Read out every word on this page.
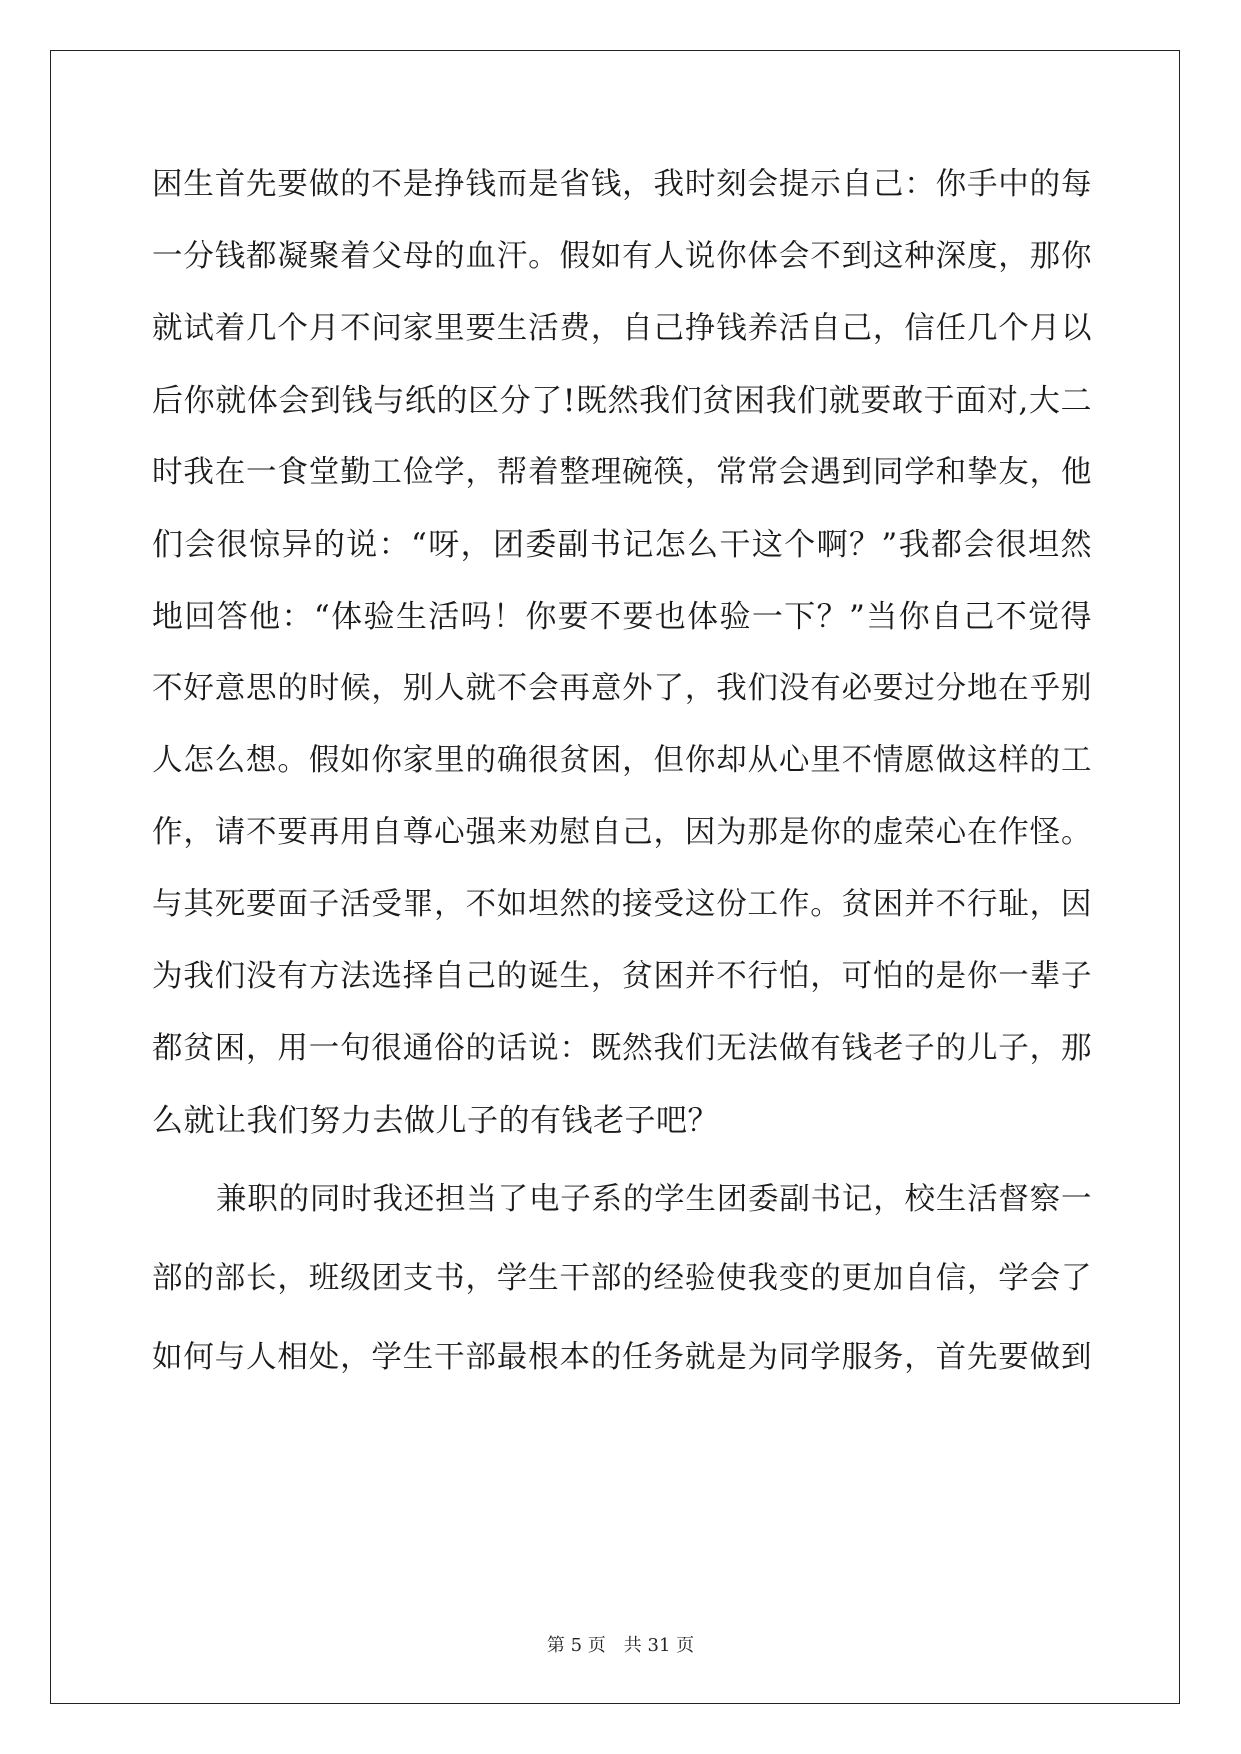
困生首先要做的不是挣钱而是省钱，我时刻会提示自己：你手中的每
一分钱都凝聚着父母的血汗。假如有人说你体会不到这种深度，那你
就试着几个月不问家里要生活费，自己挣钱养活自己，信任几个月以
后你就体会到钱与纸的区分了!既然我们贫困我们就要敢于面对,大二
时我在一食堂勤工俭学，帮着整理碗筷，常常会遇到同学和挚友，他
们会很惊异的说：“呀，团委副书记怎么干这个啊？”我都会很坦然
地回答他：“体验生活吗！你要不要也体验一下？”当你自己不觉得
不好意思的时候，别人就不会再意外了，我们没有必要过分地在乎别
人怎么想。假如你家里的确很贫困，但你却从心里不情愿做这样的工
作，请不要再用自尊心强来劝慰自己，因为那是你的虚荣心在作怪。
与其死要面子活受罪，不如坦然的接受这份工作。贫困并不行耻，因
为我们没有方法选择自己的诞生，贫困并不行怕，可怕的是你一辈子
都贫困，用一句很通俗的话说：既然我们无法做有钱老子的儿子，那
么就让我们努力去做儿子的有钱老子吧？
兼职的同时我还担当了电子系的学生团委副书记，校生活督察一
部的部长，班级团支书，学生干部的经验使我变的更加自信，学会了
如何与人相处，学生干部最根本的任务就是为同学服务，首先要做到
第 5 页 共 31 页
